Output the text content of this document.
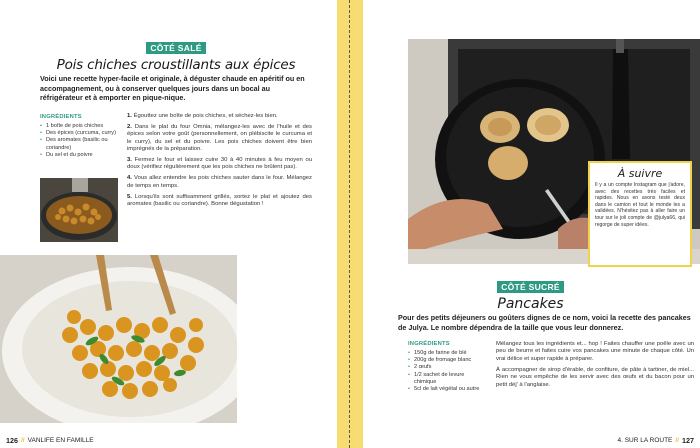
CÔTÉ SALÉ
Pois chiches croustillants aux épices
Voici une recette hyper-facile et originale, à déguster chaude en apéritif ou en accompagnement, ou à conserver quelques jours dans un bocal au réfrigérateur et à emporter en pique-nique.
INGRÉDIENTS
• 1 boîte de pois chiches
• Des épices (curcuma, curry)
• Des aromates (basilic ou coriandre)
• Du sel et du poivre

1. Égouttez une boîte de pois chiches, et séchez-les bien.

2. Dans le plat du four Omnia, mélangez-les avec de l'huile et des épices selon votre goût (personnellement, on plébiscite le curcuma et le curry), du sel et du poivre. Les pois chiches doivent être bien imprégnés de la préparation.

3. Fermez le four et laissez cuire 30 à 40 minutes à feu moyen ou doux (vérifiez régulièrement que les pois chiches ne brûlent pas).

4. Vous allez entendre les pois chiches sauter dans le four. Mélangez de temps en temps.

5. Lorsqu'ils sont suffisamment grillés, sortez le plat et ajoutez des aromates (basilic ou coriandre). Bonne dégustation !

126 // VANLIFE EN FAMILLE
À suivre
Il y a un compte Instagram que j'adore, avec des recettes très faciles et rapides. Nous en avons testé deux dans le camion et tout le monde les a validées. N'hésitez pas à aller faire un tour sur le joli compte de @julya66, qui regorge de super idées.
CÔTÉ SUCRÉ
Pancakes
Pour des petits déjeuners ou goûters dignes de ce nom, voici la recette des pancakes de Julya. Le nombre dépendra de la taille que vous leur donnerez.
INGRÉDIENTS
• 150g de farine de blé
• 200g de fromage blanc
• 2 œufs
• 1/2 sachet de levure chimique
• 5cl de lait végétal ou autre

Mélangez tous les ingrédients et... hop ! Faites chauffer une poêle avec un peu de beurre et faites cuire vos pancakes une minute de chaque côté. Un vrai délice et super rapide à préparer.

À accompagner de sirop d'érable, de confiture, de pâte à tartiner, de miel... Rien ne vous empêche de les servir avec des œufs et du bacon pour un petit déj' à l'anglaise.

4. SUR LA ROUTE // 127
